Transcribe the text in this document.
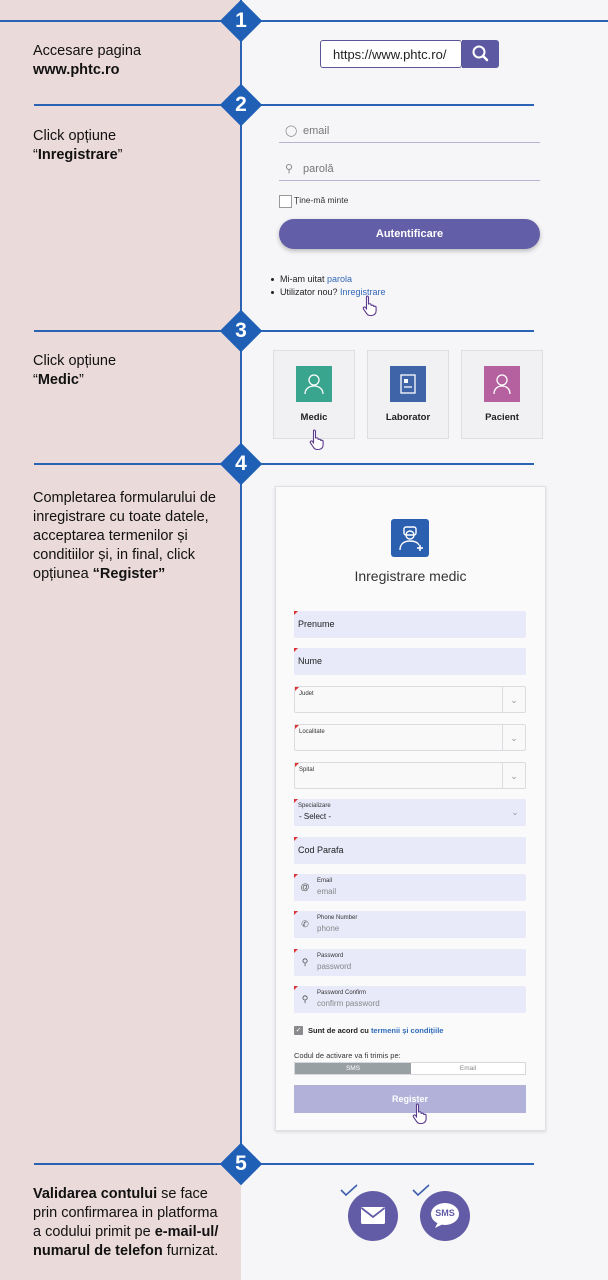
1
2
3
4
5
Accesare pagina
www.phtc.ro
Click opțiune
“Inregistrare”
Click opțiune
“Medic”
Completarea formularului de
inregistrare cu toate datele,
acceptarea termenilor și
conditiilor și, in final, click
opțiunea “Register”
Validarea contului se face
prin confirmarea in platforma
a codului primit pe e-mail-ul/
numarul de telefon furnizat.
https://www.phtc.ro/
◯ email
⚲ parolă
Ține-mă minte
Autentificare
Mi-am uitat parola
Utilizator nou? Inregistrare
Medic	Laborator	Pacient
Inregistrare medic
Prenume
Nume
Judet
⌄
Localitate
⌄
Spital
⌄
Specializare
- Select -	⌄
Cod Parafa
@
Email
email
✆
Phone Number
phone
⚲
Password
password
⚲
Password Confirm
confirm password
✓ Sunt de acord cu termenii și condițiile
Codul de activare va fi trimis pe:
SMS	Email
Register
SMS
